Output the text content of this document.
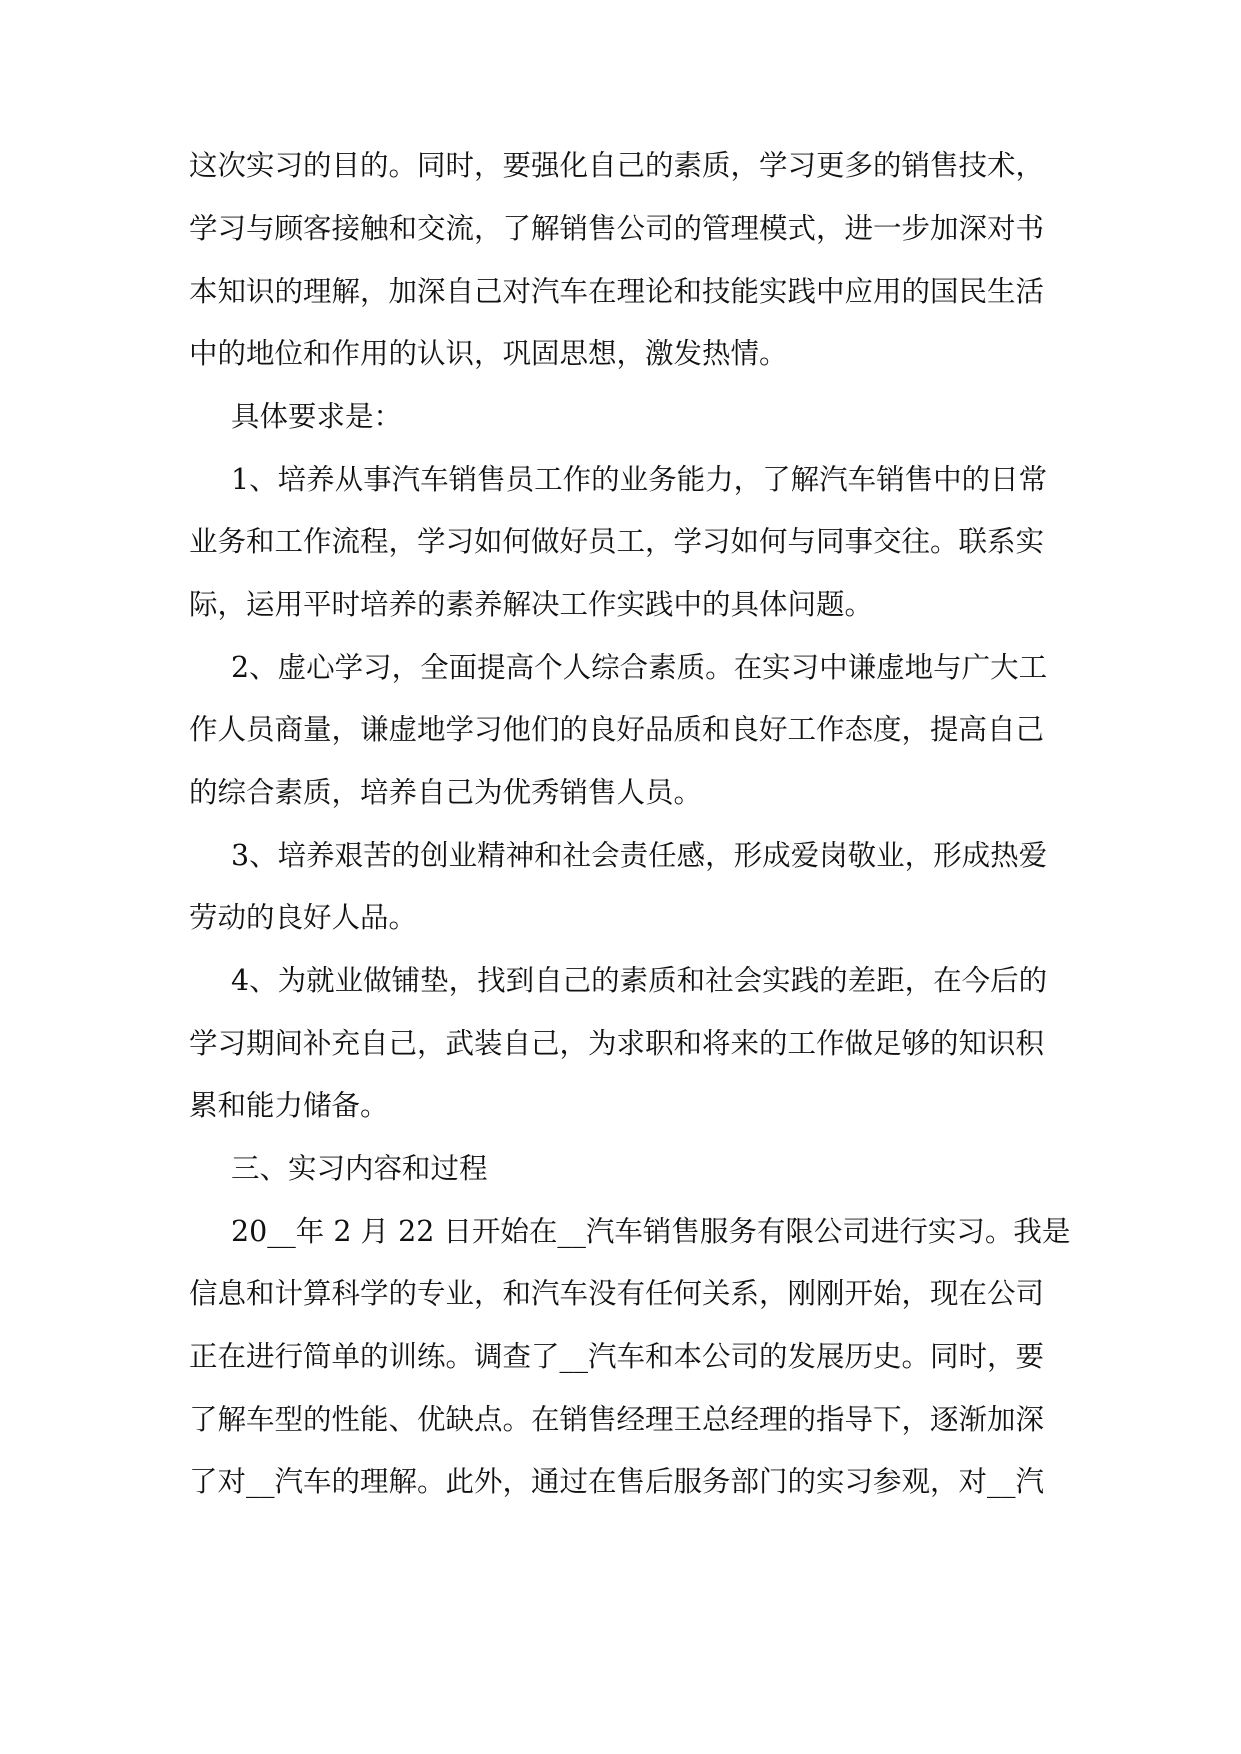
这次实习的目的。同时，要强化自己的素质，学习更多的销售技术，
学习与顾客接触和交流，了解销售公司的管理模式，进一步加深对书
本知识的理解，加深自己对汽车在理论和技能实践中应用的国民生活
中的地位和作用的认识，巩固思想，激发热情。
具体要求是：
1、培养从事汽车销售员工作的业务能力，了解汽车销售中的日常
业务和工作流程，学习如何做好员工，学习如何与同事交往。联系实
际，运用平时培养的素养解决工作实践中的具体问题。
2、虚心学习，全面提高个人综合素质。在实习中谦虚地与广大工
作人员商量，谦虚地学习他们的良好品质和良好工作态度，提高自己
的综合素质，培养自己为优秀销售人员。
3、培养艰苦的创业精神和社会责任感，形成爱岗敬业，形成热爱
劳动的良好人品。
4、为就业做铺垫，找到自己的素质和社会实践的差距，在今后的
学习期间补充自己，武装自己，为求职和将来的工作做足够的知识积
累和能力储备。
三、实习内容和过程
20__年 2 月 22 日开始在__汽车销售服务有限公司进行实习。我是
信息和计算科学的专业，和汽车没有任何关系，刚刚开始，现在公司
正在进行简单的训练。调查了__汽车和本公司的发展历史。同时，要
了解车型的性能、优缺点。在销售经理王总经理的指导下，逐渐加深
了对__汽车的理解。此外，通过在售后服务部门的实习参观，对__汽
